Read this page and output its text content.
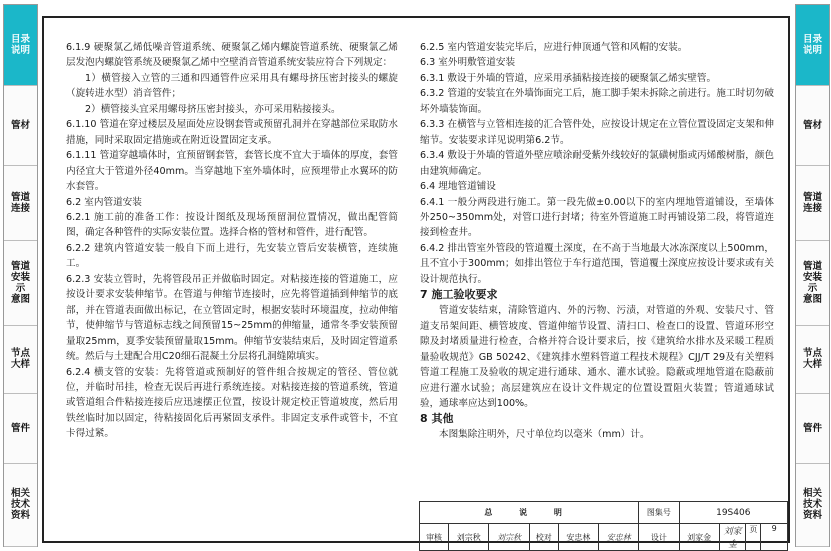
目录
说明
管材
管道
连接
管道
安装
示
意图
节点
大样
管件
相关
技术
资料
目录
说明
管材
管道
连接
管道
安装
示
意图
节点
大样
管件
相关
技术
资料

6.1.9 硬聚氯乙烯低噪音管道系统、硬聚氯乙烯内螺旋管道系统、硬聚氯乙烯层发泡内螺旋管系统及硬聚氯乙烯中空壁消音管道系统安装应符合下列规定：

1）横管接入立管的三通和四通管件应采用具有螺母挤压密封接头的螺旋（旋转进水型）消音管件；

2）横管接头宜采用螺母挤压密封接头，亦可采用粘接接头。

6.1.10 管道在穿过楼层及屋面处应设钢套管或预留孔洞并在穿越部位采取防水措施，同时采取固定措施或在附近设置固定支承。

6.1.11 管道穿越墙体时，宜预留钢套管，套管长度不宜大于墙体的厚度，套管内径宜大于管道外径40mm。当穿越地下室外墙体时，应预埋带止水翼环的防水套管。

6.2 室内管道安装

6.2.1 施工前的准备工作：按设计图纸及现场预留洞位置情况，做出配管简图，确定各种管件的实际安装位置。选择合格的管材和管件，进行配管。

6.2.2 建筑内管道安装一般自下而上进行，先安装立管后安装横管，连续施工。

6.2.3 安装立管时，先将管段吊正并做临时固定。对粘接连接的管道施工，应按设计要求安装伸缩节。在管道与伸缩节连接时，应先将管道插到伸缩节的底部，并在管道表面做出标记，在立管固定时，根据安装时环境温度，拉动伸缩节，使伸缩节与管道标志线之间预留15~25mm的伸缩量，通常冬季安装预留量取25mm，夏季安装预留量取15mm。伸缩节安装结束后，及时固定管道系统。然后与土建配合用C20细石混凝土分层将孔洞缝隙填实。

6.2.4 横支管的安装：先将管道或预制好的管件组合按规定的管径、管位就位，并临时吊挂，检查无误后再进行系统连接。对粘接连接的管道系统，管道或管道组合件粘接连接后应迅速摆正位置，按设计规定校正管道坡度，然后用铁丝临时加以固定，待粘接固化后再紧固支承件。非固定支承件或管卡，不宜卡得过紧。

6.2.5 室内管道安装完毕后，应进行伸顶通气管和风帽的安装。

6.3 室外明敷管道安装

6.3.1 敷设于外墙的管道，应采用承插粘接连接的硬聚氯乙烯实壁管。

6.3.2 管道的安装宜在外墙饰面完工后，施工脚手架未拆除之前进行。施工时切勿破坏外墙装饰面。

6.3.3 在横管与立管相连接的汇合管件处，应按设计规定在立管位置设固定支架和伸缩节。安装要求详见说明第6.2节。

6.3.4 敷设于外墙的管道外壁应喷涂耐受紫外线较好的氯磺树脂或丙烯酸树脂，颜色由建筑师确定。

6.4 埋地管道铺设

6.4.1 一般分两段进行施工。第一段先做±0.00以下的室内埋地管道铺设，至墙体外250~350mm处，对管口进行封堵；待室外管道施工时再铺设第二段，将管道连接到检查井。

6.4.2 排出管室外管段的管道覆土深度，在不高于当地最大冰冻深度以上500mm，且不宜小于300mm；如排出管位于车行道范围，管道覆土深度应按设计要求或有关设计规范执行。

7 施工验收要求

管道安装结束，清除管道内、外的污物、污渍，对管道的外观、安装尺寸、管道支吊架间距、横管坡度、管道伸缩节设置、清扫口、检查口的设置、管道环形空隙及封堵质量进行检查，合格并符合设计要求后，按《建筑给水排水及采暖工程质量验收规范》GB 50242、《建筑排水塑料管道工程技术规程》CJJ/T 29及有关塑料管道工程施工及验收的规定进行通球、通水、灌水试验。隐蔽或埋地管道在隐蔽前应进行灌水试验；高层建筑应在设计文件规定的位置设置阻火装置；管道通球试验，通球率应达到100%。

8 其他

本图集除注明外，尺寸单位均以毫米（mm）计。

总 说 明						图集号	19S406	
审核	刘宗秋	刘宗秋	校对	安忠林	安忠林	设计	刘家金	刘家金
页 9
